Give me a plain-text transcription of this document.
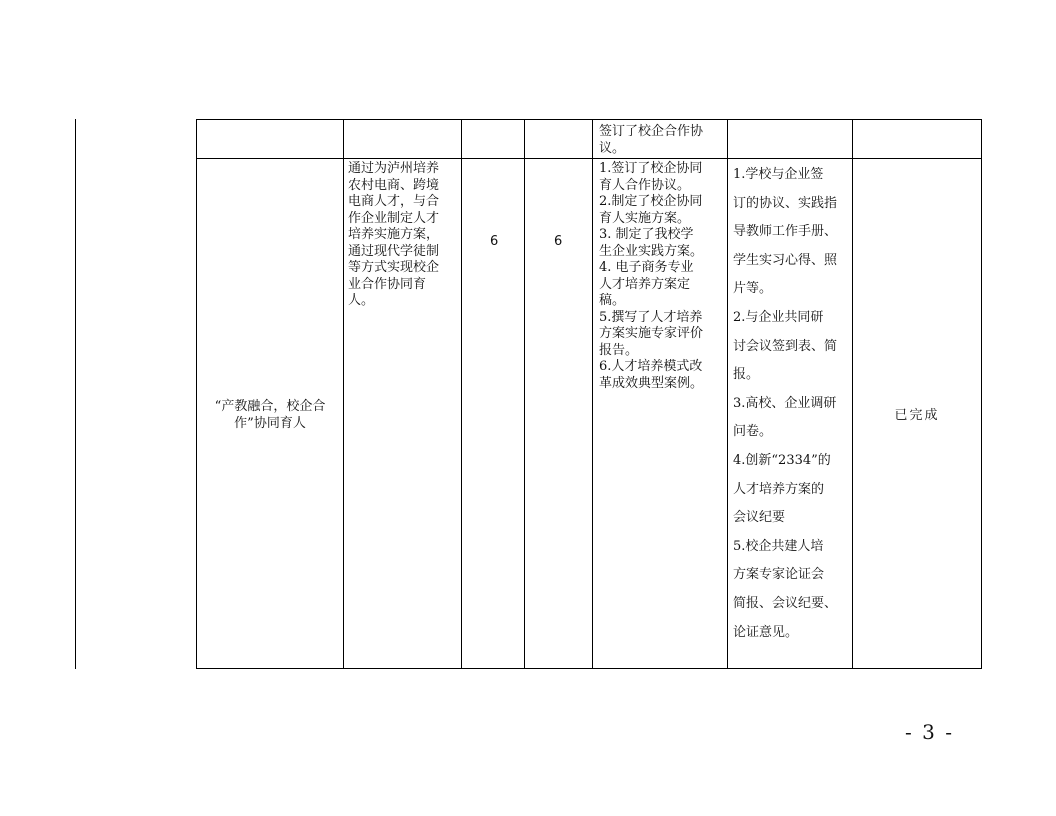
签订了校企合作协
议。
“产教融合，校企合
作”协同育人
通过为泸州培养
农村电商、跨境
电商人才，与合
作企业制定人才
培养实施方案，
通过现代学徒制
等方式实现校企
业合作协同育
人。
6	6
1.签订了校企协同
育人合作协议。
2.制定了校企协同
育人实施方案。
3. 制定了我校学
生企业实践方案。
4. 电子商务专业
人才培养方案定
稿。
5.撰写了人才培养
方案实施专家评价
报告。
6.人才培养模式改
革成效典型案例。
1.学校与企业签
订的协议、实践指
导教师工作手册、
学生实习心得、照
片等。
2.与企业共同研
讨会议签到表、简
报。
3.高校、企业调研
问卷。
4.创新“2334”的
人才培养方案的
会议纪要
5.校企共建人培
方案专家论证会
简报、会议纪要、
论证意见。
已完成
- 3 -
